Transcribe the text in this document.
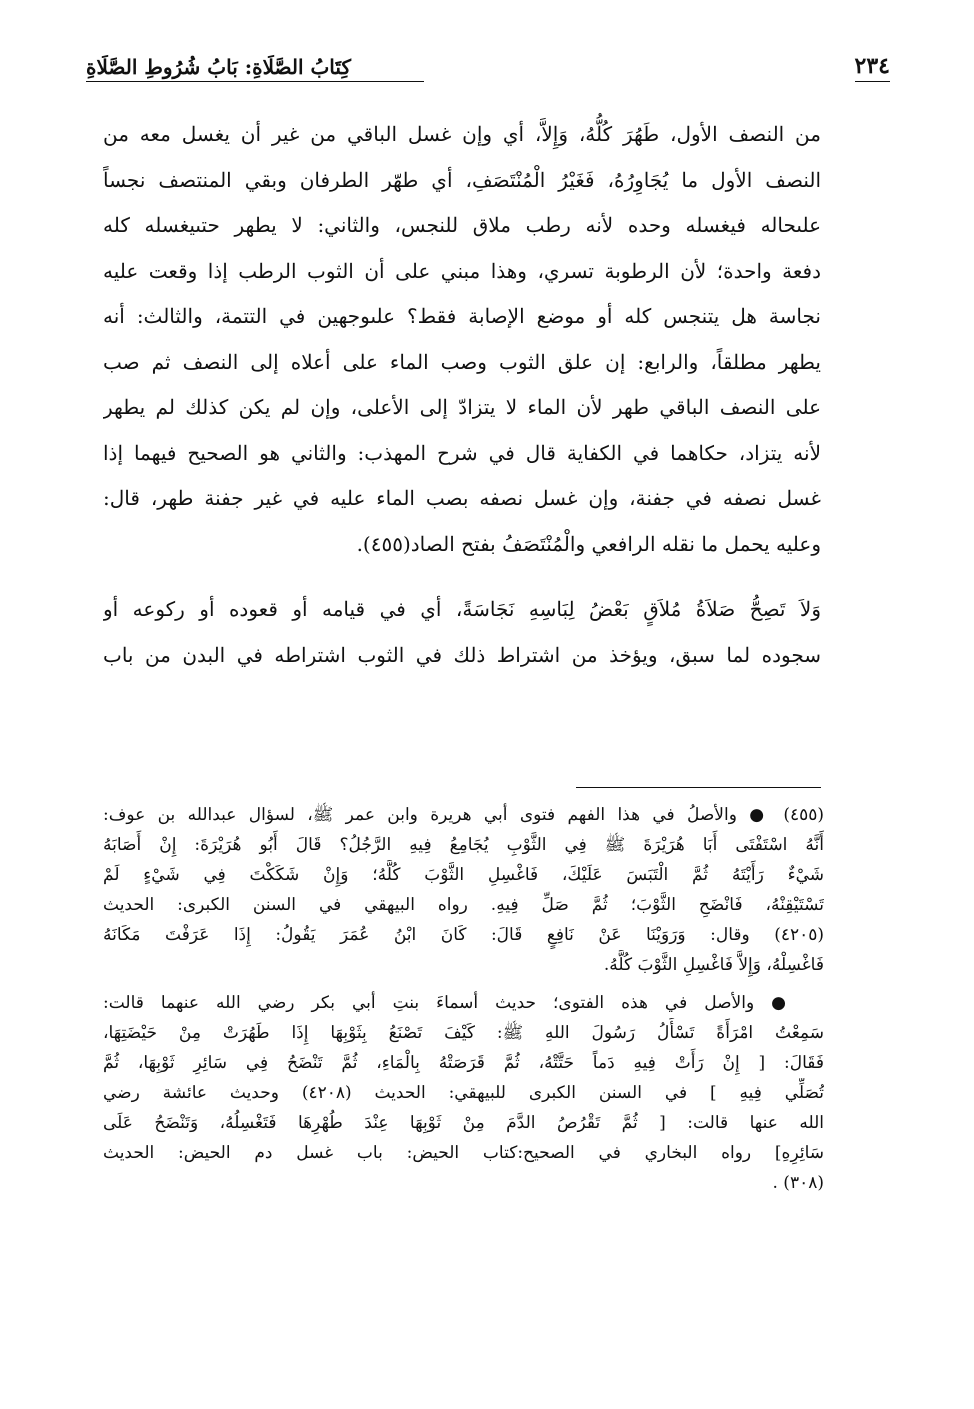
٢٣٤
كِتَابُ الصَّلَاةِ: بَابُ شُرُوطِ الصَّلَاةِ
من النصف الأول، طَهُرَ كُلُّهُ، وَإِلاَّ، أي وإن غسل الباقي من غير أن يغسل معه من
النصف الأول ما يُجَاوِرُهُ، فَغَيْرُ الْمُنْتَصَفِ، أي طهّر الطرفان وبقي المنتصف نجساً
علىحاله فيغسله وحده لأنه رطب ملاق للنجس، والثاني: لا يطهر حتىيغسله كله
دفعة واحدة؛ لأن الرطوبة تسري، وهذا مبني على أن الثوب الرطب إذا وقعت عليه
نجاسة هل يتنجس كله أو موضع الإصابة فقط؟ علىوجهين في التتمة، والثالث: أنه
يطهر مطلقاً، والرابع: إن علق الثوب وصب الماء على أعلاه إلى النصف ثم صب
على النصف الباقي طهر لأن الماء لا يتزادّ إلى الأعلى، وإن لم يكن كذلك لم يطهر
لأنه يتزاد، حكاهما في الكفاية قال في شرح المهذب: والثاني هو الصحيح فيهما إذا
غسل نصفه في جفنة، وإن غسل نصفه بصب الماء عليه في غير جفنة طهر، قال:
وعليه يحمل ما نقله الرافعي والْمُنْتَصَفُ بفتح الصاد(٤٥٥).
وَلاَ تَصِحُّ صَلاَةُ مُلاَقٍ بَعْضُ لِبَاسِهِ نَجَاسَةً، أي في قيامه أو قعوده أو ركوعه أو
سجوده لما سبق، ويؤخذ من اشتراط ذلك في الثوب اشتراطه في البدن من باب
(٤٥٥) ● والأصلُ في هذا الفهم فتوى أبي هريرة وابن عمر ﷺ، لسؤال عبدالله بن عوف:
أَنَّهُ اسْتَفْتَى أَبَا هُرَيْرَةَ ﷺ فِي الثَّوْبِ يُجَامِعُ فِيهِ الرَّجُلُ؟ قَالَ أَبُو هُرَيْرَةَ: إِنْ أَصَابَهُ
شَيْءٌ رَأَيْتَهُ ثُمَّ الْتَبَسَ عَلَيْكَ، فَاغْسِلِ الثَّوْبَ كُلَّهُ؛ وَإِنْ شَكَكْتَ فِي شَيْءٍ لَمْ
تَسْتَيْقِنْهُ، فَانْضَحِ الثَّوْبَ؛ ثُمَّ صَلِّ فِيهِ. رواه البيهقي في السنن الكبرى: الحديث
(٤٢٠٥) وقال: وَرَوَيْنَا عَنْ نَافِعٍ قَالَ: كَانَ ابْنُ عُمَرَ يَقُولُ: إِذَا عَرَفْتَ مَكَانَهُ
فَاغْسِلْهُ، وَإِلاَّ فَاغْسِلِ الثَّوْبَ كُلَّهُ.
● والأصل في هذه الفتوى؛ حديث أسماءَ بنتِ أبي بكر رضي الله عنهما قالت:
سَمِعْتُ امْرَأَةً تَسْأَلُ رَسُولَ اللهِ ﷺ: كَيْفَ تَصْنَعُ بِثَوْبِهَا إِذَا طَهُرَتْ مِنْ حَيْضَتِهَا،
فَقَالَ: [ إِنْ رَأَتْ فِيهِ دَماً حَتَّتْهُ، ثُمَّ قَرَصَتْهُ بِالْمَاءِ، ثُمَّ تَنْضَحُ فِي سَائِرِ ثَوْبِهَا، ثُمَّ
تُصَلِّي فِيهِ ] في السنن الكبرى للبيهقي: الحديث (٤٢٠٨) وحديث عائشة رضي
الله عنها قالت: [ ثُمَّ تَقْرُصُ الدَّمَ مِنْ ثَوْبِهَا عِنْدَ طُهْرِهَا فَتَغْسِلُهُ، وَتَنْضَحُ عَلَى
سَائِرِهِ] رواه البخاري في الصحيح:كتاب الحيض: باب غسل دم الحيض: الحديث
(٣٠٨) .
